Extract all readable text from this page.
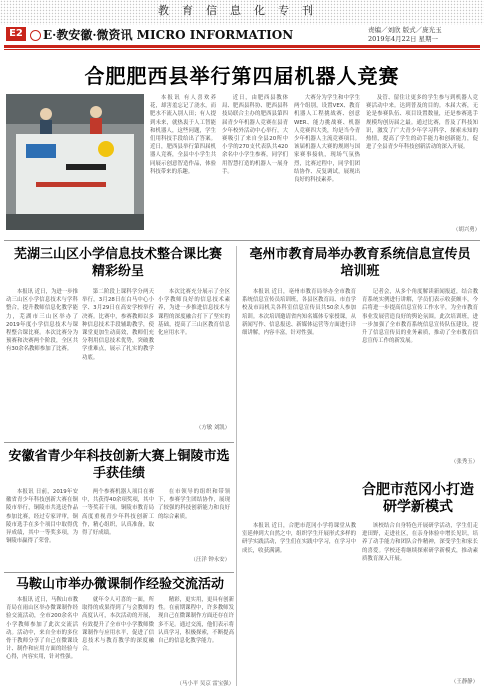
教育信息化专刊
E2	E·教安徽·微资讯 MICRO INFORMATION	责编／刘欣 版式／庞光玉
2019年4月22日 星期一
合肥肥西县举行第四届机器人竞赛

本报讯 有人喜欢养花，却害羞忘记了浇水，而肥水不流入别人田；有人提到未来，就热衷于人工智能和机器人，这些问题，学生们用科技手段给出了答案。近日，肥西县举行第四届机器人竞赛，全县中小学生共同展示创意智造作品，体验科技带来的乐趣。

近日，由肥西县教体局、肥西县科协、肥西县科技局联合主办的肥西县第四届青少年机器人竞赛在县青少年校外活动中心举行，大赛吸引了来自全县20所中小学的270支代表队共420余名中小学生参赛，同学们用智慧打造的机器人一展身手。

大赛分为学生和中学生两个组别，设置VEX、教育机器人工程挑战赛、创意WER、能力挑战赛、机器人竞赛四大类，均是当今青少年机器人主流竞赛项目。该届机器人大赛的规则与国家赛事接轨，现场气氛热烈，比赛过程中，同学们团结协作、反复调试，展现出良好的科技素养。

及管、留住让更多的学生参与到机器人竞赛活动中来。达到普及的目的。本届大赛，无论是参赛队伍、项目设置数量，还是参赛选手规模均创历届之最。通过比赛，普及了科技知识，激发了广大青少年学习科学、探索未知的热情，提高了学生的动手能力和创新能力，促进了全县青少年科技创新活动的深入开展。

（胡兴勇）
芜湖三山区小学信息技术整合课比赛精彩纷呈

本报讯 近日，为进一步推动三山区小学信息技术与学科整合，提升教师信息化教学能力，芜湖市三山区举办了2019年度小学信息技术与课程整合课比赛。本次比赛分为预赛和决赛两个阶段，全区共有30余名教师参加了比赛。

第二阶段上课科学分两天举行，3月28日在白马中心小学、3月29日在高安学校举行决赛。比赛中，参赛教师以多种信息技术手段辅助教学，使课堂更加生动高效，教师们充分利用信息技术优势，突破教学重难点，展示了扎实的教学功底。

本次比赛充分展示了全区小学教师良好的信息技术素养，为进一步推进信息技术与课程的深度融合打下了坚实的基础，提高了三山区教育信息化应用水平。

（方敏 刘凯）
亳州市教育局举办教育系统信息宣传员培训班

本报讯 近日，亳州市教育局举办全市教育系统信息宣传员培训班，各县区教育局、市直学校及市局机关各科室信息宣传员共50余人参加培训。本次培训邀请省内知名媒体专家授课，从新闻写作、信息报送、新媒体运营等方面进行详细讲解，内容丰富，针对性强。

记者会，从多个角度解读新闻报道，结合教育系统实例进行讲解，学员们表示收获颇丰，今后将进一步提高信息宣传工作水平，为全市教育事业发展营造良好的舆论氛围。此次培训班，进一步加强了全市教育系统信息宣传队伍建设，提升了信息宣传员的业务素质，推动了全市教育信息宣传工作的新发展。

（张秀玉）
安徽省青少年科技创新大赛上铜陵市选手获佳绩

本报讯 日前，2019年安徽省青少年科技创新大赛在铜陵市举行，铜陵市共选送作品参加比赛，经过专家评审，铜陵市选手在多个项目中取得优异成绩，其中一等奖多项，为铜陵市赢得了荣誉。

两个参赛机器人项目在赛中，共获得40余项奖项，其中一等奖若干项。铜陵市教育局高度重视青少年科技创新工作，精心组织，认真准备，取得了好成绩。

在市领导的组织和带领下，参赛学生团结协作，展现了较强的科技创新能力和良好的综合素质。

（汪洋 钟永安）
马鞍山市举办微课制作经验交流活动

本报讯 近日，马鞍山市教育局在雨山区举办微课制作经验交流活动，全市200余名中小学教师参加了此次交流活动。活动中，来自全市的多位骨干教师分享了自己在微课设计、制作和应用方面的经验与心得，内容实用，针对性强。

就年令人可喜的一面，所取得的成果得到了与会教师的高度认可，本次活动的开展，有效提升了全市中小学教师微课制作与应用水平，促进了信息技术与教育教学的深度融合。

精彩，更实用，更具有创新性。在前期课程中，许多教师发现自己在微课制作方面还存在许多不足。通过交流，他们表示将认真学习，积极探索，不断提高自己的信息化教学能力。

（马小平 吴京 雷宝强）
合肥市范冈小打造研学新模式

本报讯 近日，合肥市范冈小学将课堂从教室延伸到大自然之中，组织学生开展形式多样的研学实践活动，学生们在实践中学习，在学习中成长，收获满满。

该校结合自身特色开展研学活动，学生们走进田野，走进社区，在亲身体验中增长见识，培养了动手能力和团队合作精神，深受学生和家长的喜爱。学校还将继续探索研学新模式，推动素质教育深入开展。

（王静静）
